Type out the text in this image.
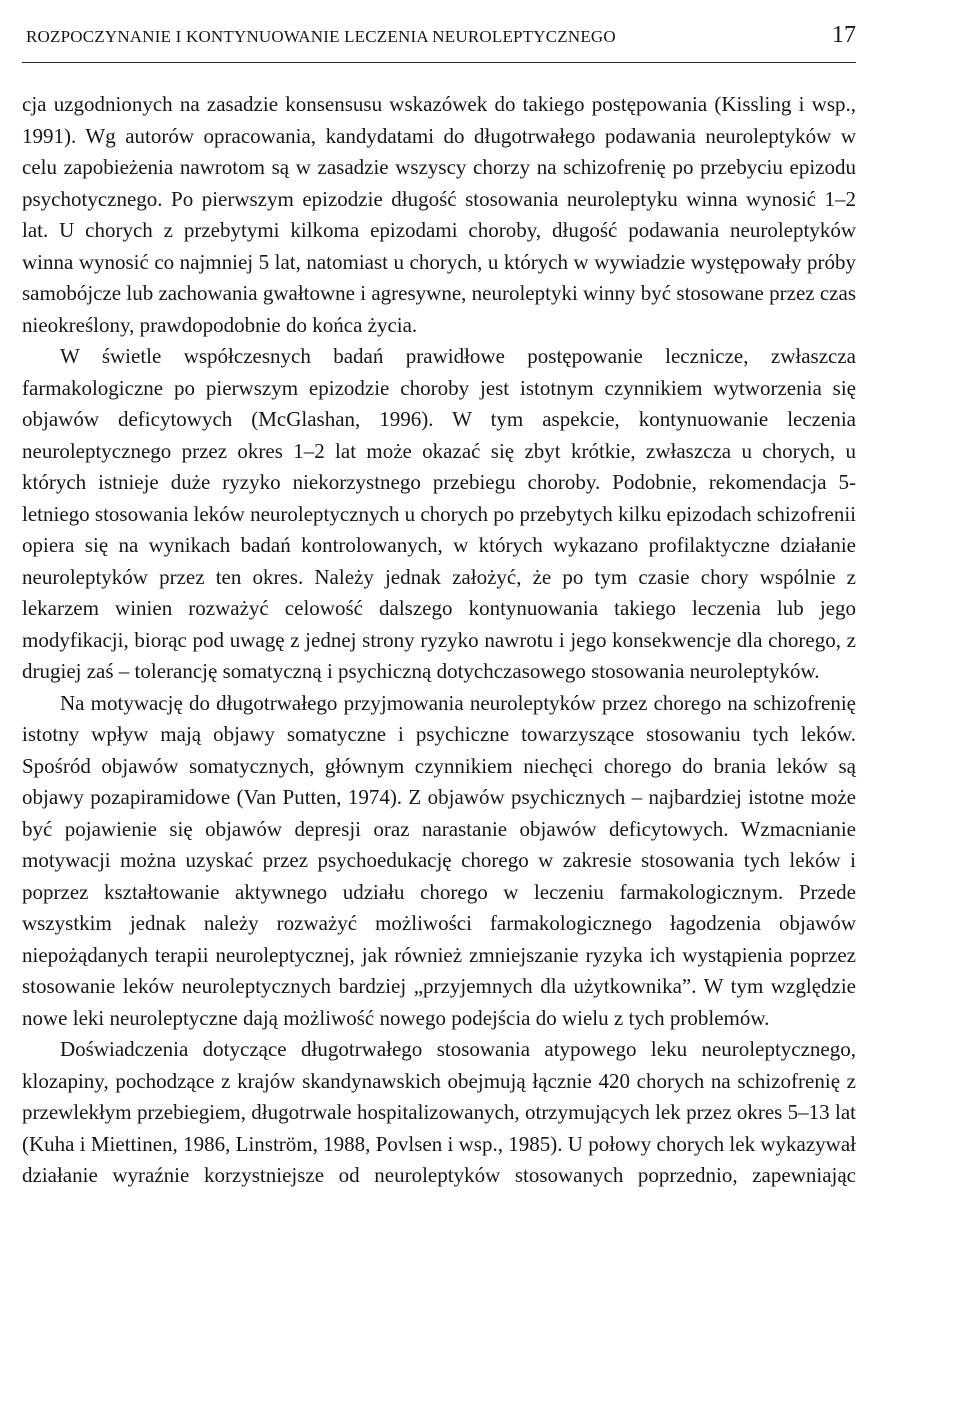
ROZPOCZYNANIE I KONTYNUOWANIE LECZENIA NEUROLEPTYCZNEGO	17

cja uzgodnionych na zasadzie konsensusu wskazówek do takiego postępowania (Kissling i wsp., 1991). Wg autorów opracowania, kandydatami do długotrwałego podawania neuroleptyków w celu zapobieżenia nawrotom są w zasadzie wszyscy chorzy na schizofrenię po przebyciu epizodu psychotycznego. Po pierwszym epizodzie długość stosowania neuroleptyku winna wynosić 1–2 lat. U chorych z przebytymi kilkoma epizodami choroby, długość podawania neuroleptyków winna wynosić co najmniej 5 lat, natomiast u chorych, u których w wywiadzie występowały próby samobójcze lub zachowania gwałtowne i agresywne, neuroleptyki winny być stosowane przez czas nieokreślony, prawdopodobnie do końca życia.

W świetle współczesnych badań prawidłowe postępowanie lecznicze, zwłaszcza farmakologiczne po pierwszym epizodzie choroby jest istotnym czynnikiem wytworzenia się objawów deficytowych (McGlashan, 1996). W tym aspekcie, kontynuowanie leczenia neuroleptycznego przez okres 1–2 lat może okazać się zbyt krótkie, zwłaszcza u chorych, u których istnieje duże ryzyko niekorzystnego przebiegu choroby. Podobnie, rekomendacja 5-letniego stosowania leków neuroleptycznych u chorych po przebytych kilku epizodach schizofrenii opiera się na wynikach badań kontrolowanych, w których wykazano profilaktyczne działanie neuroleptyków przez ten okres. Należy jednak założyć, że po tym czasie chory wspólnie z lekarzem winien rozważyć celowość dalszego kontynuowania takiego leczenia lub jego modyfikacji, biorąc pod uwagę z jednej strony ryzyko nawrotu i jego konsekwencje dla chorego, z drugiej zaś – tolerancję somatyczną i psychiczną dotychczasowego stosowania neuroleptyków.

Na motywację do długotrwałego przyjmowania neuroleptyków przez chorego na schizofrenię istotny wpływ mają objawy somatyczne i psychiczne towarzyszące stosowaniu tych leków. Spośród objawów somatycznych, głównym czynnikiem niechęci chorego do brania leków są objawy pozapiramidowe (Van Putten, 1974). Z objawów psychicznych – najbardziej istotne może być pojawienie się objawów depresji oraz narastanie objawów deficytowych. Wzmacnianie motywacji można uzyskać przez psychoedukację chorego w zakresie stosowania tych leków i poprzez kształtowanie aktywnego udziału chorego w leczeniu farmakologicznym. Przede wszystkim jednak należy rozważyć możliwości farmakologicznego łagodzenia objawów niepożądanych terapii neuroleptycznej, jak również zmniejszanie ryzyka ich wystąpienia poprzez stosowanie leków neuroleptycznych bardziej „przyjemnych dla użytkownika”. W tym względzie nowe leki neuroleptyczne dają możliwość nowego podejścia do wielu z tych problemów.

Doświadczenia dotyczące długotrwałego stosowania atypowego leku neuroleptycznego, klozapiny, pochodzące z krajów skandynawskich obejmują łącznie 420 chorych na schizofrenię z przewlekłym przebiegiem, długotrwale hospitalizowanych, otrzymujących lek przez okres 5–13 lat (Kuha i Miettinen, 1986, Linström, 1988, Povlsen i wsp., 1985). U połowy chorych lek wykazywał działanie wyraźnie korzystniejsze od neuroleptyków stosowanych poprzednio, zapewniając
